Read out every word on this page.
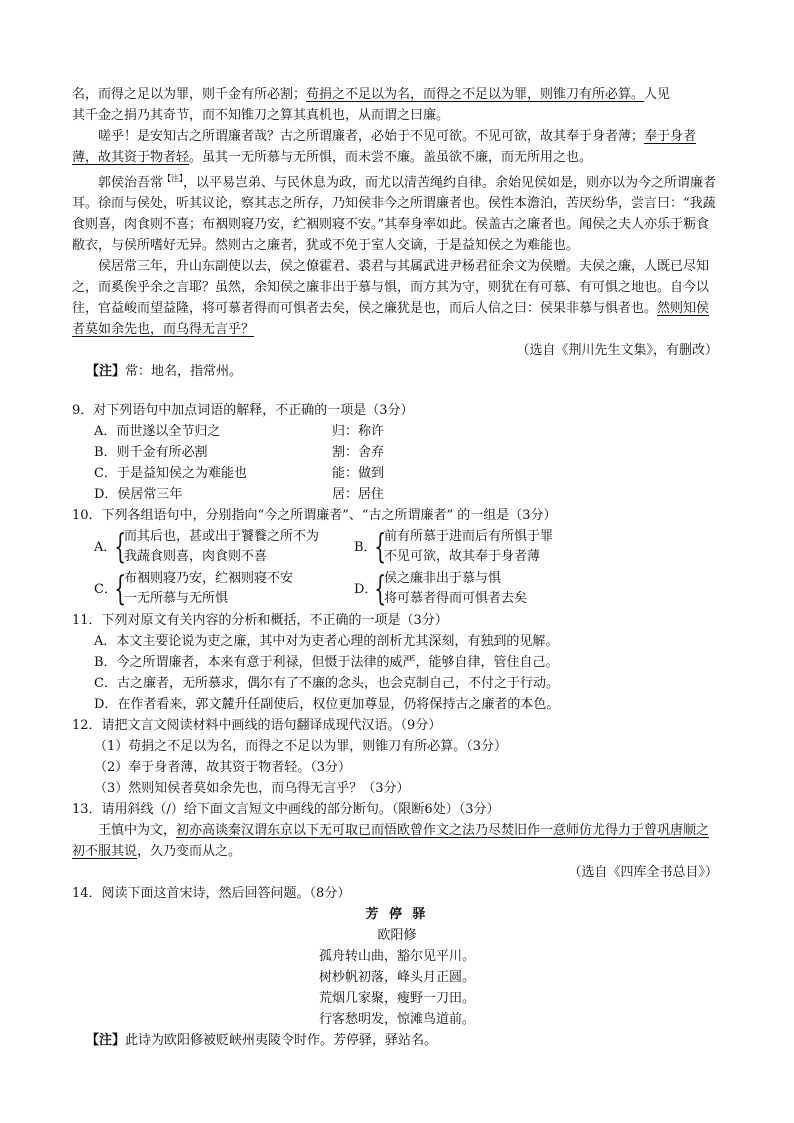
名，而得之足以为罪，则千金有所必割；苟捐之不足以为名，而得之不足以为罪，则锥刀有所必算。人见
其千金之捐乃其奇节，而不知锥刀之算其真机也，从而谓之曰廉。

嗟乎！是安知古之所谓廉者哉？古之所谓廉者，必始于不见可欲。不见可欲，故其奉于身者薄；奉于身者薄，故其资于物者轻。虽其一无所慕与无所惧，而未尝不廉。盖虽欲不廉，而无所用之也。

郭侯治吾常$^{【注】}$，以平易岂弟、与民休息为政，而尤以清苦绳约自律。余始见侯如是，则亦以为今之所谓廉者耳。徐而与侯处，听其议论，察其志之所存，乃知侯非今之所谓廉者也。侯性本澹泊，苦厌纷华，尝言曰：“我蔬食则喜，肉食则不喜；布裀则寝乃安，纻裀则寝不安。”其奉身率如此。侯盖古之廉者也。闻侯之夫人亦乐于粝食敝衣，与侯所嗜好无异。然则古之廉者，犹或不免于室人交谪，于是益知侯之为难能也。

侯居常三年，升山东副使以去，侯之僚霍君、裘君与其属武进尹杨君征余文为侯赠。夫侯之廉，人既已尽知之，而奚俟乎余之言耶？虽然，余知侯之廉非出于慕与惧，而方其为守，则犹在有可慕、有可惧之地也。自今以往，官益峻而望益隆，将可慕者得而可惧者去矣，侯之廉犹是也，而后人信之曰：侯果非慕与惧者也。然则知侯者莫如余先也，而乌得无言乎？

（选自《荆川先生文集》，有删改）

【注】常：地名，指常州。

9．对下列语句中加点词语的解释，不正确的一项是（3分）

A．而世遂以全节归之	归：称许
B．则千金有所必割	割：舍弃
C．于是益知侯之为难能也	能：做到
D．侯居常三年	居：居住

10．下列各组语句中，分别指向“今之所谓廉者”、“古之所谓廉者” 的一组是（3分）

A．
{
而其后也，甚或出于饕餮之所不为
我蔬食则喜，肉食则不喜
B．
{
前有所慕于进而后有所惧于罪
不见可欲，故其奉于身者薄
C．
{
布裀则寝乃安，纻裀则寝不安
一无所慕与无所惧
D．
{
侯之廉非出于慕与惧
将可慕者得而可惧者去矣

11．下列对原文有关内容的分析和概括，不正确的一项是（3分）

A．本文主要论说为吏之廉，其中对为吏者心理的剖析尤其深刻，有独到的见解。

B．今之所谓廉者，本来有意于利禄，但慑于法律的威严，能够自律，管住自己。

C．古之廉者，无所慕求，偶尔有了不廉的念头，也会克制自己，不付之于行动。

D．在作者看来，郭文麓升任副使后，权位更加尊显，仍将保持古之廉者的本色。

12．请把文言文阅读材料中画线的语句翻译成现代汉语。（9分）

（1）苟捐之不足以为名，而得之不足以为罪，则锥刀有所必算。（3分）

（2）奉于身者薄，故其资于物者轻。（3分）

（3）然则知侯者莫如余先也，而乌得无言乎？（3分）

13．请用斜线（/）给下面文言短文中画线的部分断句。（限断6处）（3分）

王慎中为文，初亦高谈秦汉谓东京以下无可取已而悟欧曾作文之法乃尽焚旧作一意师仿尤得力于曾巩唐顺之初不服其说，久乃变而从之。

（选自《四库全书总目》）

14．阅读下面这首宋诗，然后回答问题。（8分）

芳 停 驿

欧阳修

孤舟转山曲，豁尔见平川。

树杪帆初落，峰头月正圆。

荒烟几家聚，瘦野一刀田。

行客愁明发，惊滩鸟道前。

【注】此诗为欧阳修被贬峡州夷陵令时作。芳停驿，驿站名。
